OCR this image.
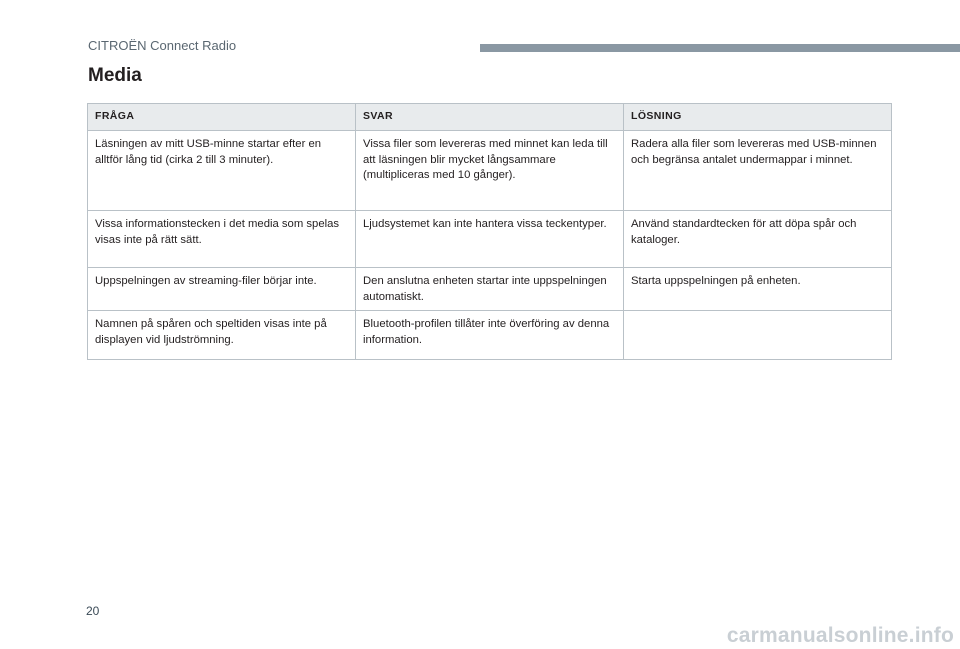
CITROËN Connect Radio
Media
FRÅGA	SVAR	LÖSNING
Läsningen av mitt USB-minne startar efter en alltför lång tid (cirka 2 till 3 minuter).	Vissa filer som levereras med minnet kan leda till att läsningen blir mycket långsammare (multipliceras med 10 gånger).	Radera alla filer som levereras med USB-minnen och begränsa antalet undermappar i minnet.
Vissa informationstecken i det media som spelas visas inte på rätt sätt.	Ljudsystemet kan inte hantera vissa teckentyper.	Använd standardtecken för att döpa spår och kataloger.
Uppspelningen av streaming-filer börjar inte.	Den anslutna enheten startar inte uppspelningen automatiskt.	Starta uppspelningen på enheten.
Namnen på spåren och speltiden visas inte på displayen vid ljudströmning.	Bluetooth-profilen tillåter inte överföring av denna information.	
20
carmanualsonline.info
